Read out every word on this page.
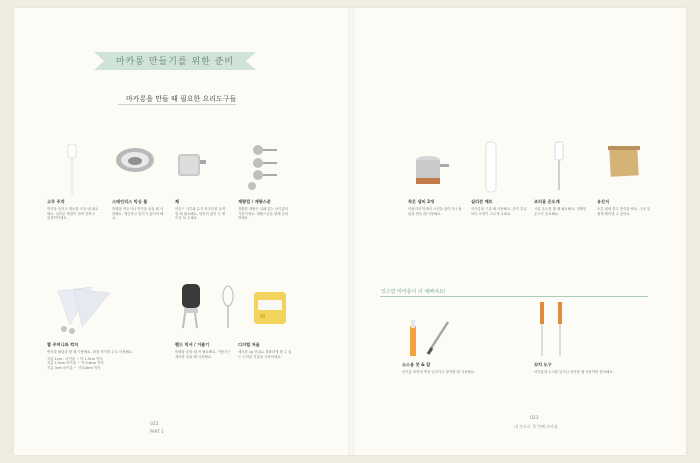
마카롱 만들기를 위한 준비
마카롱을 만들 때 필요한 요리도구들
고무 주걱
반죽을 섞거나 재료를 모을 때 필요해요. 실리콘 재질이 열에 강하고 위생적이에요.
스테인리스 믹싱 볼
머랭을 만들거나 반죽을 섞을 때 사용해요. 깨끗하고 물기가 없어야 해요.
체
아몬드 가루와 슈거 파우더를 곱게 칠 때 필요해요. 덩어리 없이 두 번 이상 쳐 주세요.
계량컵 / 계량스푼
정확한 계량은 실패 없는 마카롱의 기본이에요. 계량스푼을 함께 준비하세요.
짤 주머니와 깍지
반죽과 필링을 짤 때 사용해요. 원형 깍지를 주로 사용해요.
지름 1cm - 마카롱 ~ 약 1.5cm 깍지
지름 1.5cm 마카롱 ~ 약 0.8cm 깍지
지름 3cm 마카롱 ~ 약 0.8cm 깍지
핸드 믹서 / 거품기
머랭을 올릴 때 꼭 필요해요. 거품기는 재료를 섞을 때 사용해요.
디지털 저울
재료를 1g 단위로 정확하게 잴 수 있는 디지털 저울을 사용하세요.
작은 냄비 2개
이탈리안 머랭의 시럽을 끓이거나 필링을 만들 때 사용해요.
실리콘 매트
마카롱을 구울 때 사용해요. 종이 호일보다 모양이 고르게 나와요.
조리용 온도계
시럽 온도를 잴 때 필요해요. 정확한 온도가 중요해요.
유산지
오븐 팬에 깔고 반죽을 짜요. 구운 뒤 쉽게 떼어낼 수 있어요.
있으면 마카롱이 더 예뻐져요!
소스용 붓 & 칼
마카롱 표면에 색을 입히거나 장식할 때 사용해요.
꼬치 도구
마카롱에 무늬를 넣거나 장식할 때 사용하면 편리해요.
022
PART 1
내 손으로 첫 번째 마카롱
023
